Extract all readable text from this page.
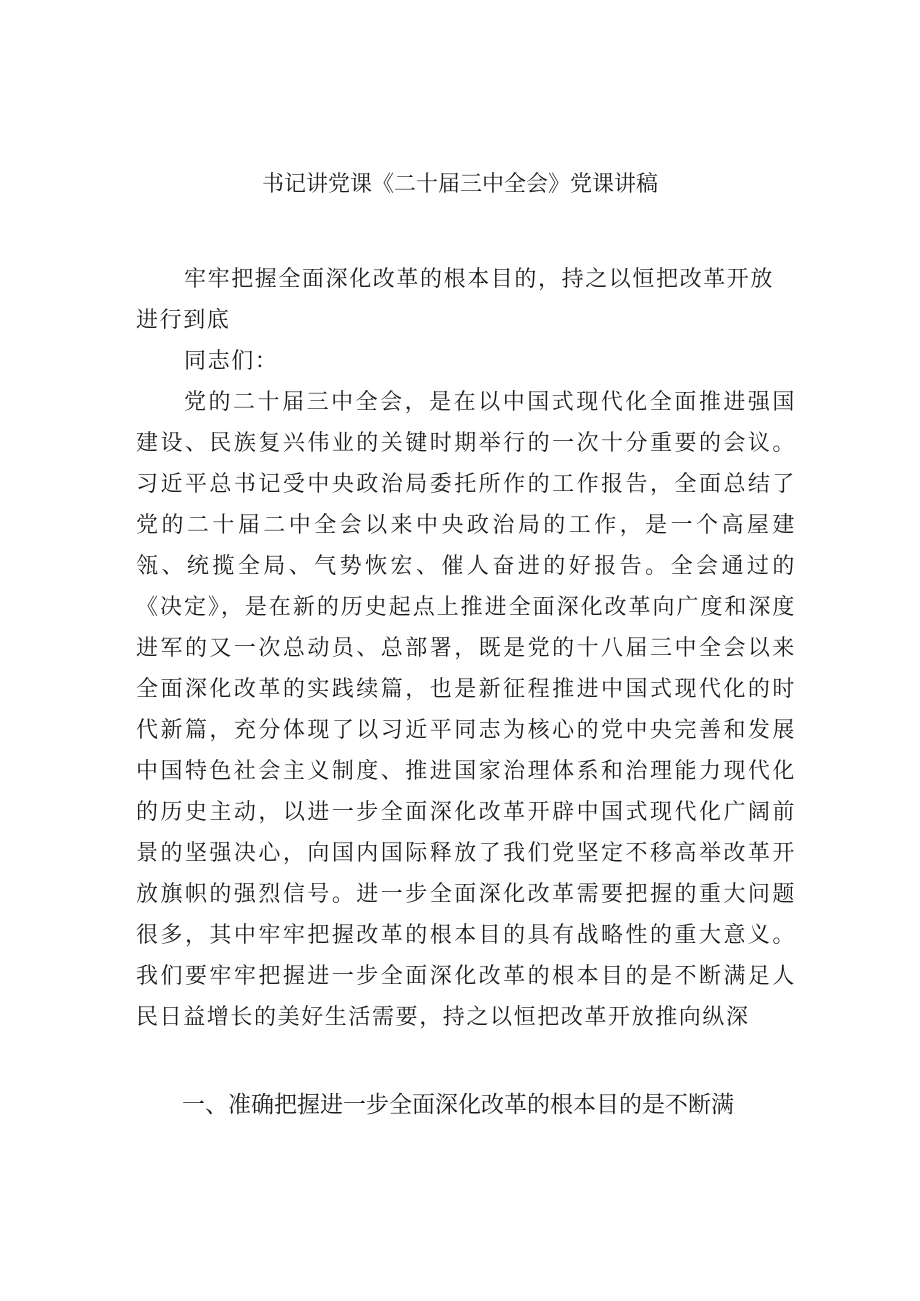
书记讲党课《二十届三中全会》党课讲稿

牢牢把握全面深化改革的根本目的，持之以恒把改革开放进行到底

同志们：

党的二十届三中全会，是在以中国式现代化全面推进强国建设、民族复兴伟业的关键时期举行的一次十分重要的会议。习近平总书记受中央政治局委托所作的工作报告，全面总结了党的二十届二中全会以来中央政治局的工作，是一个高屋建瓴、统揽全局、气势恢宏、催人奋进的好报告。全会通过的《决定》，是在新的历史起点上推进全面深化改革向广度和深度进军的又一次总动员、总部署，既是党的十八届三中全会以来全面深化改革的实践续篇，也是新征程推进中国式现代化的时代新篇，充分体现了以习近平同志为核心的党中央完善和发展中国特色社会主义制度、推进国家治理体系和治理能力现代化的历史主动，以进一步全面深化改革开辟中国式现代化广阔前景的坚强决心，向国内国际释放了我们党坚定不移高举改革开放旗帜的强烈信号。进一步全面深化改革需要把握的重大问题很多，其中牢牢把握改革的根本目的具有战略性的重大意义。我们要牢牢把握进一步全面深化改革的根本目的是不断满足人民日益增长的美好生活需要，持之以恒把改革开放推向纵深

一、准确把握进一步全面深化改革的根本目的是不断满
